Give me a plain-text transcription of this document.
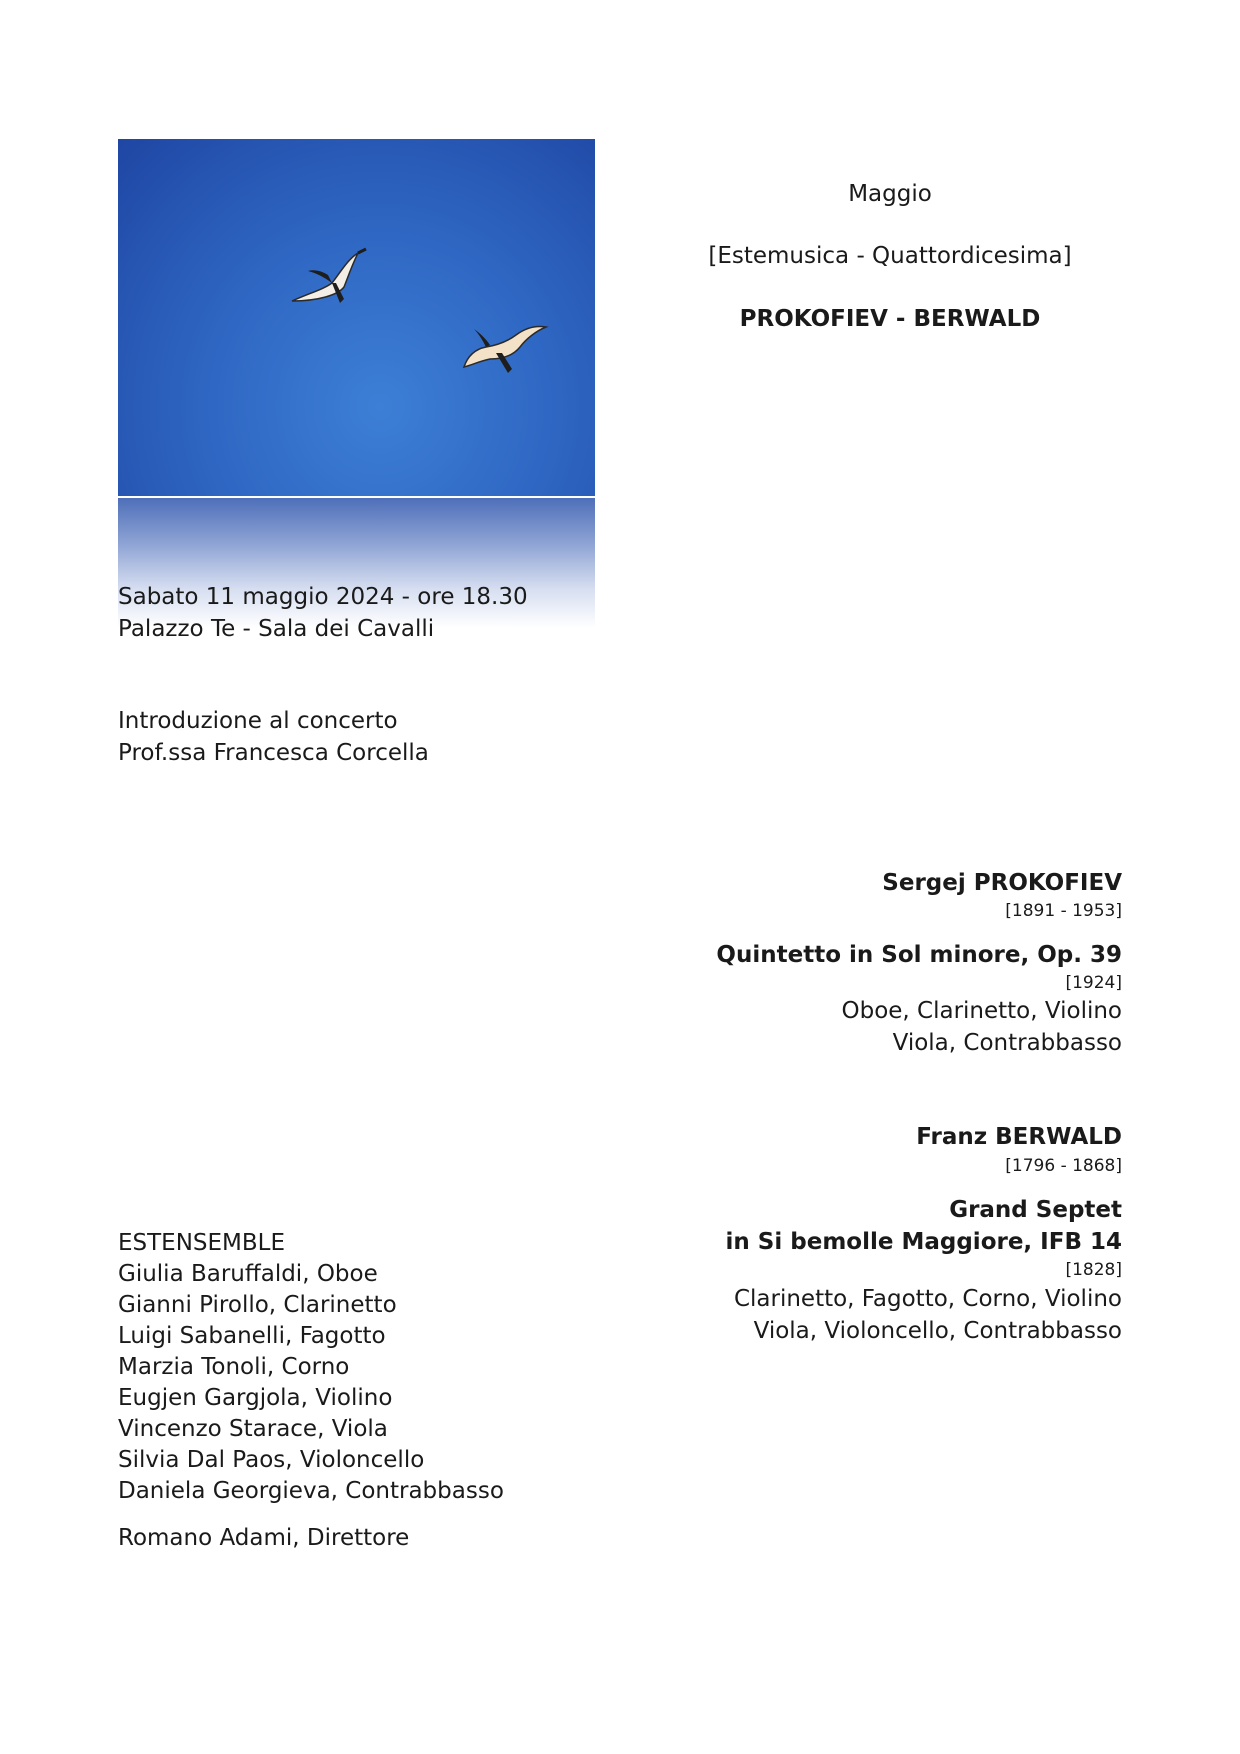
Maggio

[Estemusica - Quattordicesima]

PROKOFIEV - BERWALD

Sabato 11 maggio 2024 - ore 18.30

Palazzo Te - Sala dei Cavalli

Introduzione al concerto

Prof.ssa Francesca Corcella

Sergej PROKOFIEV

[1891 - 1953]

Quintetto in Sol minore, Op. 39

[1924]

Oboe, Clarinetto, Violino

Viola, Contrabbasso

Franz BERWALD

[1796 - 1868]

Grand Septet

in Si bemolle Maggiore, IFB 14

[1828]

Clarinetto, Fagotto, Corno, Violino

Viola, Violoncello, Contrabbasso

ESTENSEMBLE

Giulia Baruffaldi, Oboe

Gianni Pirollo, Clarinetto

Luigi Sabanelli, Fagotto

Marzia Tonoli, Corno

Eugjen Gargjola, Violino

Vincenzo Starace, Viola

Silvia Dal Paos, Violoncello

Daniela Georgieva, Contrabbasso

Romano Adami, Direttore
